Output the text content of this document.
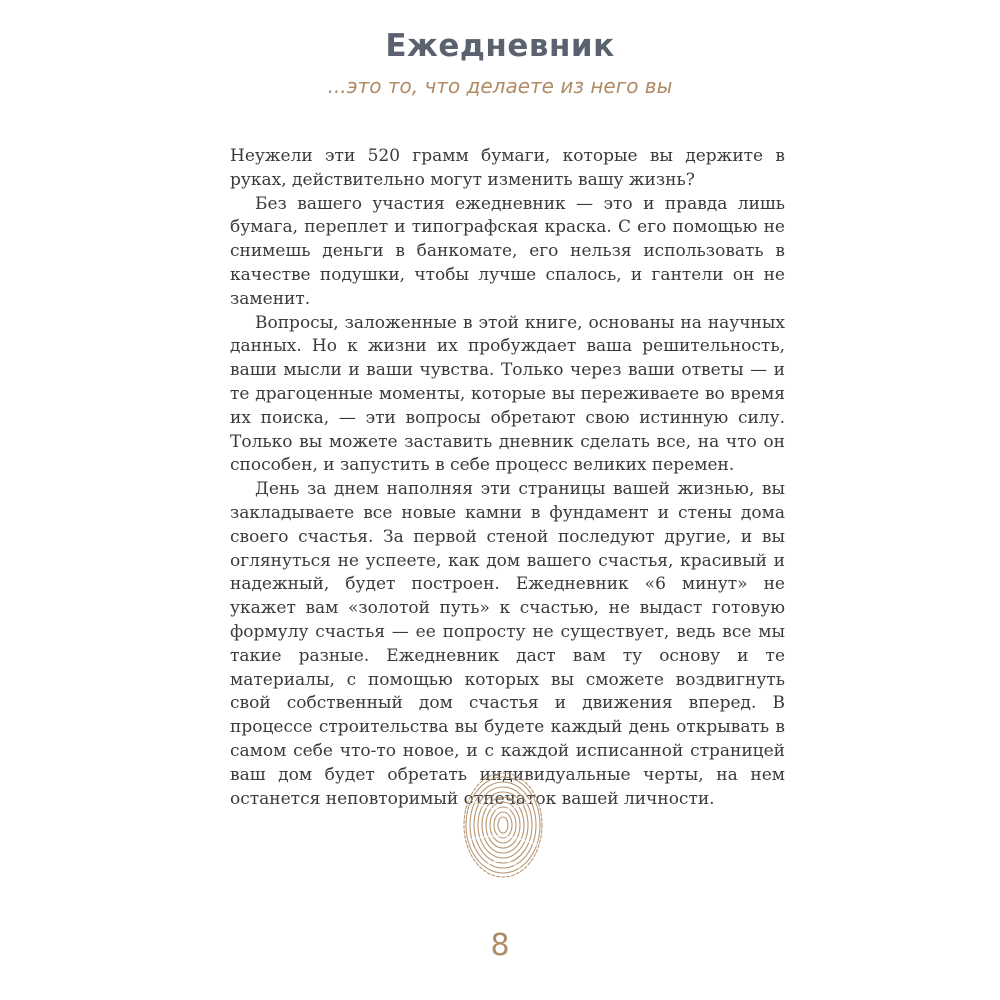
Ежедневник
...это то, что делаете из него вы

Неужели эти 520 грамм бумаги, которые вы держите в руках, действительно могут изменить вашу жизнь?

Без вашего участия ежедневник — это и правда лишь бумага, переплет и типографская краска. С его помощью не снимешь деньги в банкомате, его нельзя использовать в качестве подушки, чтобы лучше спалось, и гантели он не заменит.

Вопросы, заложенные в этой книге, основаны на научных данных. Но к жизни их пробуждает ваша решительность, ваши мысли и ваши чувства. Только через ваши ответы — и те драгоценные моменты, которые вы переживаете во время их поиска, — эти вопросы обретают свою истинную силу. Только вы можете заставить дневник сделать все, на что он способен, и запустить в себе процесс великих перемен.

День за днем наполняя эти страницы вашей жизнью, вы закладываете все новые камни в фундамент и стены дома своего счастья. За первой стеной последуют другие, и вы оглянуться не успеете, как дом вашего счастья, красивый и надежный, будет построен. Ежедневник «6 минут» не укажет вам «золотой путь» к счастью, не выдаст готовую формулу счастья — ее попросту не существует, ведь все мы такие разные. Ежедневник даст вам ту основу и те материалы, с помощью которых вы сможете воздвигнуть свой собственный дом счастья и движения вперед. В процессе строительства вы будете каждый день открывать в самом себе что-то новое, и с каждой исписанной страницей ваш дом будет обретать индивидуальные черты, на нем останется неповторимый отпечаток вашей личности.

8
